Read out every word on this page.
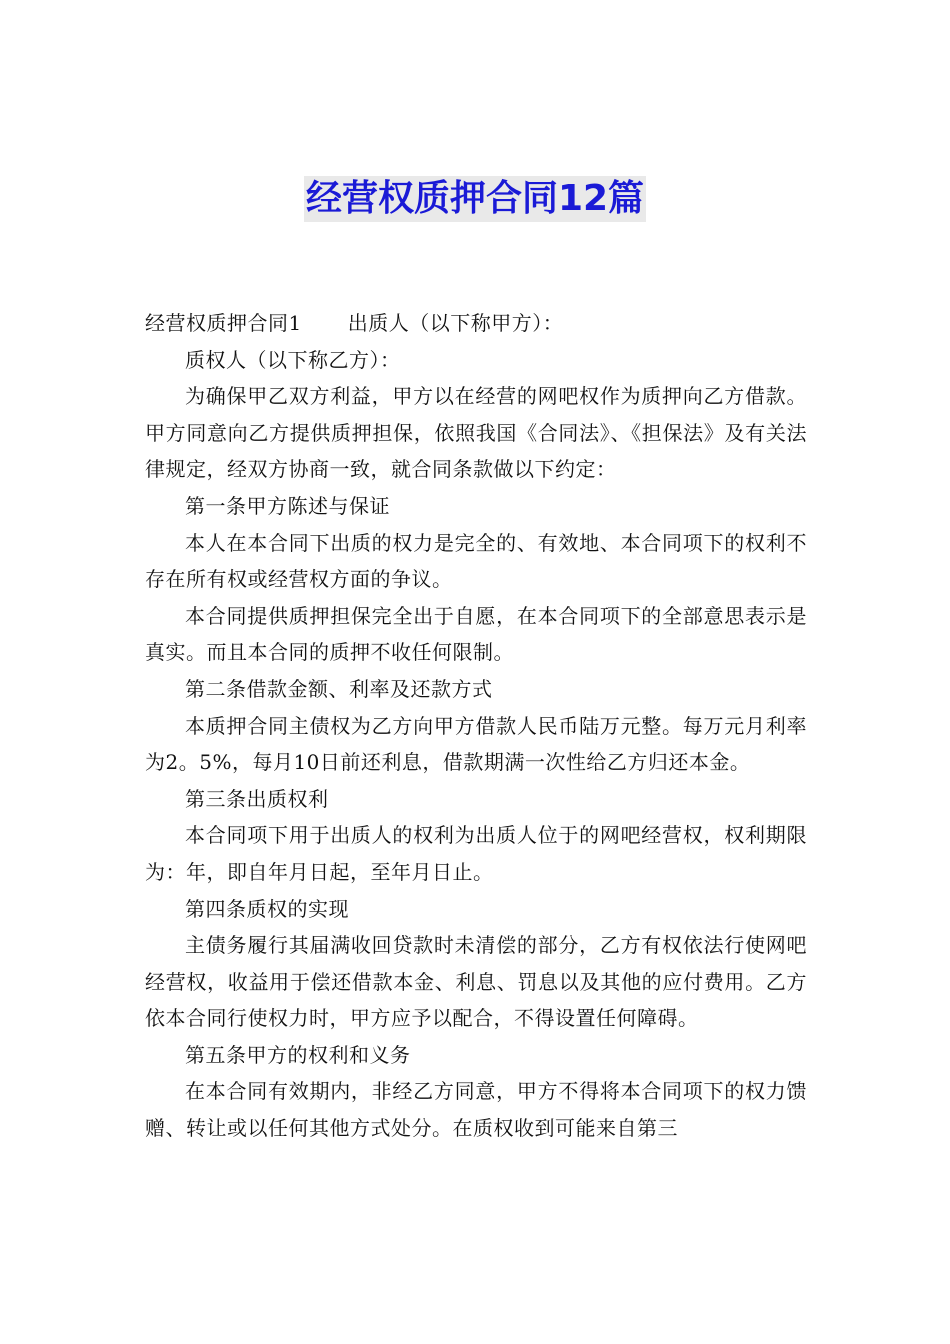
经营权质押合同12篇

经营权质押合同1 出质人（以下称甲方）：

质权人（以下称乙方）：

为确保甲乙双方利益，甲方以在经营的网吧权作为质押向乙方借款。甲方同意向乙方提供质押担保，依照我国《合同法》、《担保法》及有关法律规定，经双方协商一致，就合同条款做以下约定：

第一条甲方陈述与保证

本人在本合同下出质的权力是完全的、有效地、本合同项下的权利不存在所有权或经营权方面的争议。

本合同提供质押担保完全出于自愿，在本合同项下的全部意思表示是真实。而且本合同的质押不收任何限制。

第二条借款金额、利率及还款方式

本质押合同主债权为乙方向甲方借款人民币陆万元整。每万元月利率为2。5%，每月10日前还利息，借款期满一次性给乙方归还本金。

第三条出质权利

本合同项下用于出质人的权利为出质人位于的网吧经营权，权利期限为：年，即自年月日起，至年月日止。

第四条质权的实现

主债务履行其届满收回贷款时未清偿的部分，乙方有权依法行使网吧经营权，收益用于偿还借款本金、利息、罚息以及其他的应付费用。乙方依本合同行使权力时，甲方应予以配合，不得设置任何障碍。

第五条甲方的权利和义务

在本合同有效期内，非经乙方同意，甲方不得将本合同项下的权力馈赠、转让或以任何其他方式处分。在质权收到可能来自第三
